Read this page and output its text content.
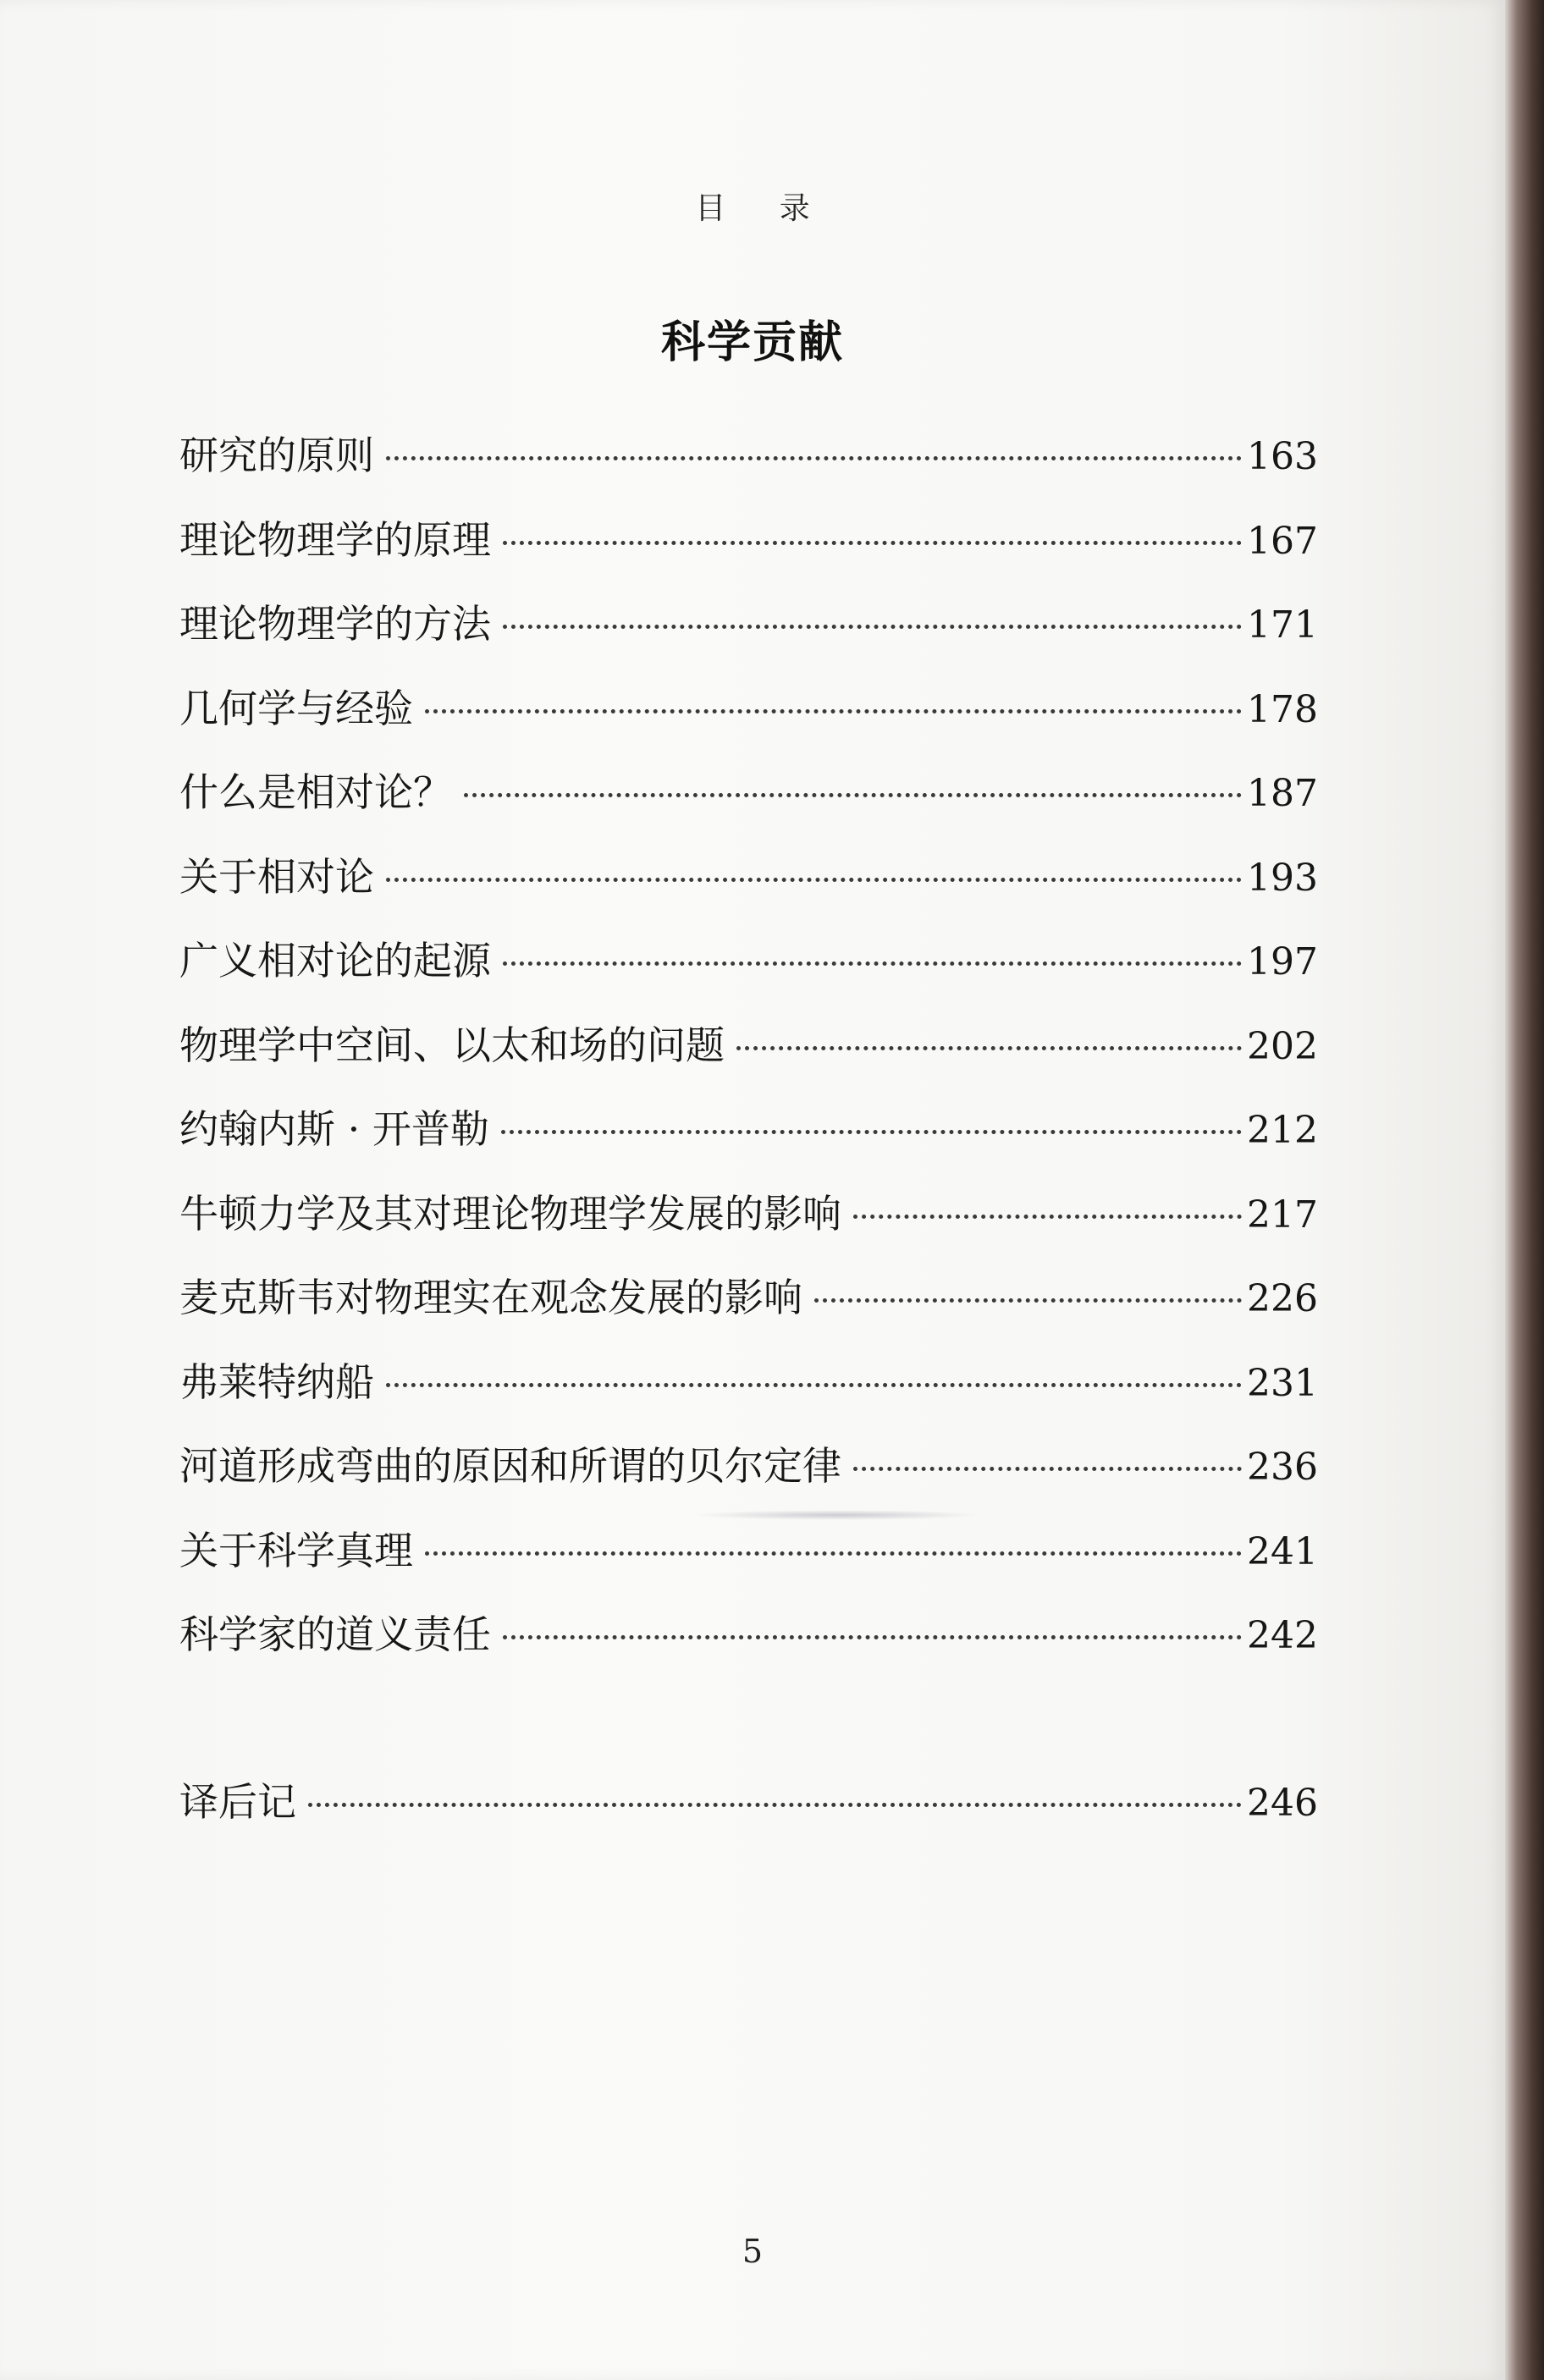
目 录
科学贡献
研究的原则	163
理论物理学的原理	167
理论物理学的方法	171
几何学与经验	178
什么是相对论？	187
关于相对论	193
广义相对论的起源	197
物理学中空间、以太和场的问题	202
约翰内斯 · 开普勒	212
牛顿力学及其对理论物理学发展的影响	217
麦克斯韦对物理实在观念发展的影响	226
弗莱特纳船	231
河道形成弯曲的原因和所谓的贝尔定律	236
关于科学真理	241
科学家的道义责任	242
译后记	246
5
